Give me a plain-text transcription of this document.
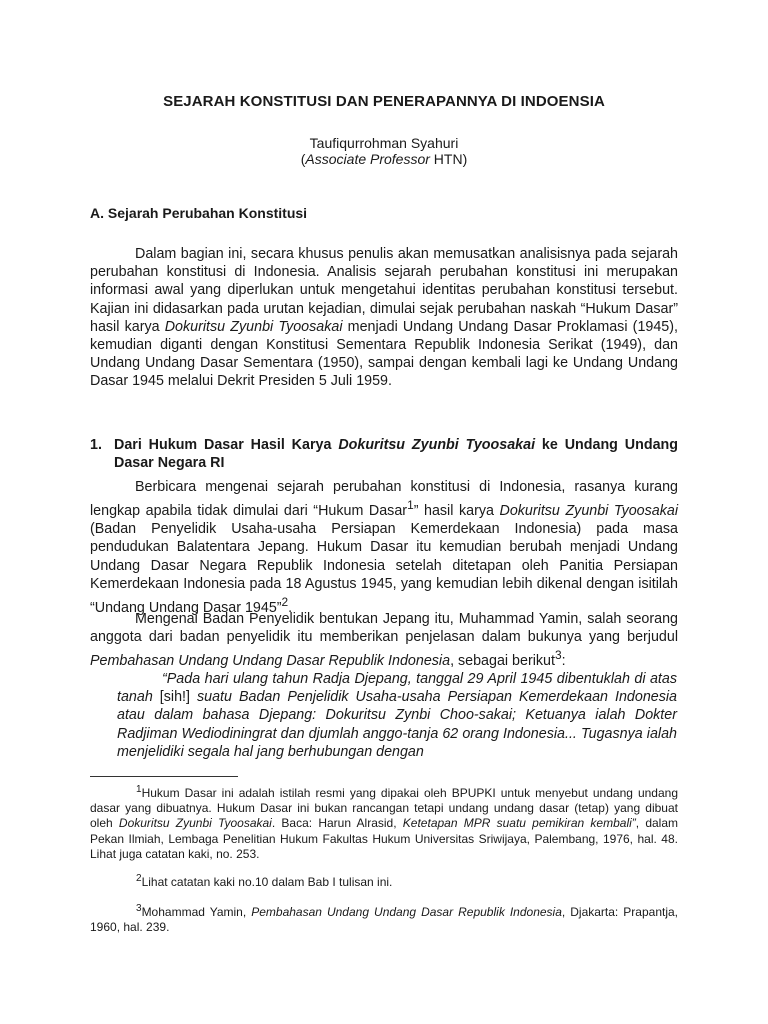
SEJARAH KONSTITUSI DAN PENERAPANNYA DI INDOENSIA
Taufiqurrohman Syahuri
(Associate Professor HTN)
A. Sejarah Perubahan Konstitusi

Dalam bagian ini, secara khusus penulis akan memusatkan analisisnya pada sejarah perubahan konstitusi di Indonesia. Analisis sejarah perubahan konstitusi ini merupakan informasi awal yang diperlukan untuk mengetahui identitas perubahan konstitusi tersebut. Kajian ini didasarkan pada urutan kejadian, dimulai sejak perubahan naskah “Hukum Dasar” hasil karya Dokuritsu Zyunbi Tyoosakai menjadi Undang Undang Dasar Proklamasi (1945), kemudian diganti dengan Konstitusi Sementara Republik Indonesia Serikat (1949), dan Undang Undang Dasar Sementara (1950), sampai dengan kembali lagi ke Undang Undang Dasar 1945 melalui Dekrit Presiden 5 Juli 1959.

1. Dari Hukum Dasar Hasil Karya Dokuritsu Zyunbi Tyoosakai ke Undang Undang Dasar Negara RI

Berbicara mengenai sejarah perubahan konstitusi di Indonesia, rasanya kurang lengkap apabila tidak dimulai dari “Hukum Dasar$^1$” hasil karya Dokuritsu Zyunbi Tyoosakai (Badan Penyelidik Usaha-usaha Persiapan Kemerdekaan Indonesia) pada masa pendudukan Balatentara Jepang. Hukum Dasar itu kemudian berubah menjadi Undang Undang Dasar Negara Republik Indonesia setelah ditetapan oleh Panitia Persiapan Kemerdekaan Indonesia pada 18 Agustus 1945, yang kemudian lebih dikenal dengan isitilah “Undang Undang Dasar 1945”$^2$.

Mengenai Badan Penyelidik bentukan Jepang itu, Muhammad Yamin, salah seorang anggota dari badan penyelidik itu memberikan penjelasan dalam bukunya yang berjudul Pembahasan Undang Undang Dasar Republik Indonesia, sebagai berikut$^3$:

“Pada hari ulang tahun Radja Djepang, tanggal 29 April 1945 dibentuklah di atas tanah [sih!] suatu Badan Penjelidik Usaha-usaha Persiapan Kemerdekaan Indonesia atau dalam bahasa Djepang: Dokuritsu Zynbi Choo-sakai; Ketuanya ialah Dokter Radjiman Wediodiningrat dan djumlah anggo-tanja 62 orang Indonesia... Tugasnya ialah menjelidiki segala hal jang berhubungan dengan

$^1$Hukum Dasar ini adalah istilah resmi yang dipakai oleh BPUPKI untuk menyebut undang undang dasar yang dibuatnya. Hukum Dasar ini bukan rancangan tetapi undang undang dasar (tetap) yang dibuat oleh Dokuritsu Zyunbi Tyoosakai. Baca: Harun Alrasid, Ketetapan MPR suatu pemikiran kembali”, dalam Pekan Ilmiah, Lembaga Penelitian Hukum Fakultas Hukum Universitas Sriwijaya, Palembang, 1976, hal. 48. Lihat juga catatan kaki, no. 253.

$^2$Lihat catatan kaki no.10 dalam Bab I tulisan ini.

$^3$Mohammad Yamin, Pembahasan Undang Undang Dasar Republik Indonesia, Djakarta: Prapantja, 1960, hal. 239.
